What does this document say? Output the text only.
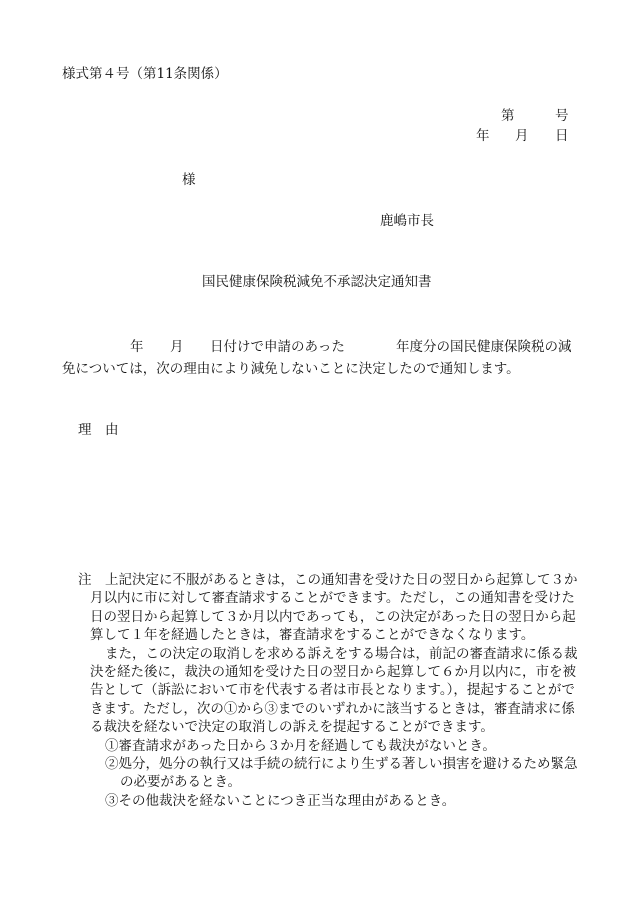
様式第４号（第11条関係）
第	号
年 月 日
様
鹿嶋市長
国民健康保険税減免不承認決定通知書
年 月 日付けで申請のあった	年度分の国民健康保険税の減
免については，次の理由により減免しないことに決定したので通知します。
理　由
注　上記決定に不服があるときは，この通知書を受けた日の翌日から起算して３か
月以内に市に対して審査請求することができます。ただし，この通知書を受けた
日の翌日から起算して３か月以内であっても，この決定があった日の翌日から起
算して１年を経過したときは，審査請求をすることができなくなります。
また，この決定の取消しを求める訴えをする場合は，前記の審査請求に係る裁
決を経た後に，裁決の通知を受けた日の翌日から起算して６か月以内に，市を被
告として（訴訟において市を代表する者は市長となります。），提起することがで
きます。ただし，次の①から③までのいずれかに該当するときは，審査請求に係
る裁決を経ないで決定の取消しの訴えを提起することができます。
①審査請求があった日から３か月を経過しても裁決がないとき。
②処分，処分の執行又は手続の続行により生ずる著しい損害を避けるため緊急
の必要があるとき。
③その他裁決を経ないことにつき正当な理由があるとき。
